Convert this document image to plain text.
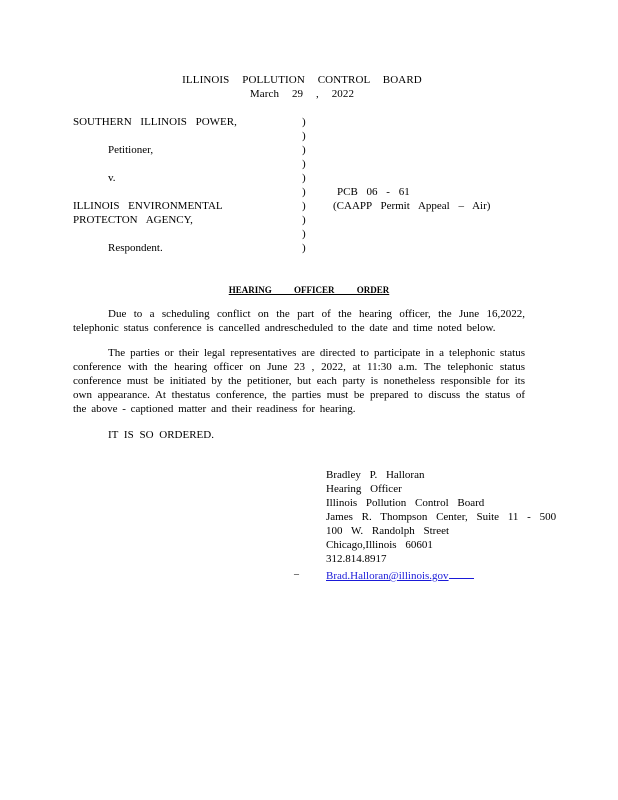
ILLINOIS POLLUTION CONTROL BOARD
March 29 , 2022
SOUTHERN ILLINOIS POWER,
Petitioner,
v.
ILLINOIS ENVIRONMENTAL
PROTECTON AGENCY,
Respondent.
)
)
)
)
)
)
)
)
)
)
PCB 06 - 61
(CAAPP Permit Appeal – Air)
HEARING OFFICER ORDER
Due to a scheduling conflict on the part of the hearing officer, the June 16,2022,
telephonic status conference is cancelled andrescheduled to the date and time noted below.
The parties or their legal representatives are directed to participate in a telephonic status
conference with the hearing officer on June 23 , 2022, at 11:30 a.m. The telephonic status
conference must be initiated by the petitioner, but each party is nonetheless responsible for its
own appearance. At thestatus conference, the parties must be prepared to discuss the status of
the above - captioned matter and their readiness for hearing.
IT IS SO ORDERED.
Bradley P. Halloran
Hearing Officer
Illinois Pollution Control Board
James R. Thompson Center, Suite 11 - 500
100 W. Randolph Street
Chicago,Illinois 60601
312.814.8917
_ Brad.Halloran@illinois.gov
